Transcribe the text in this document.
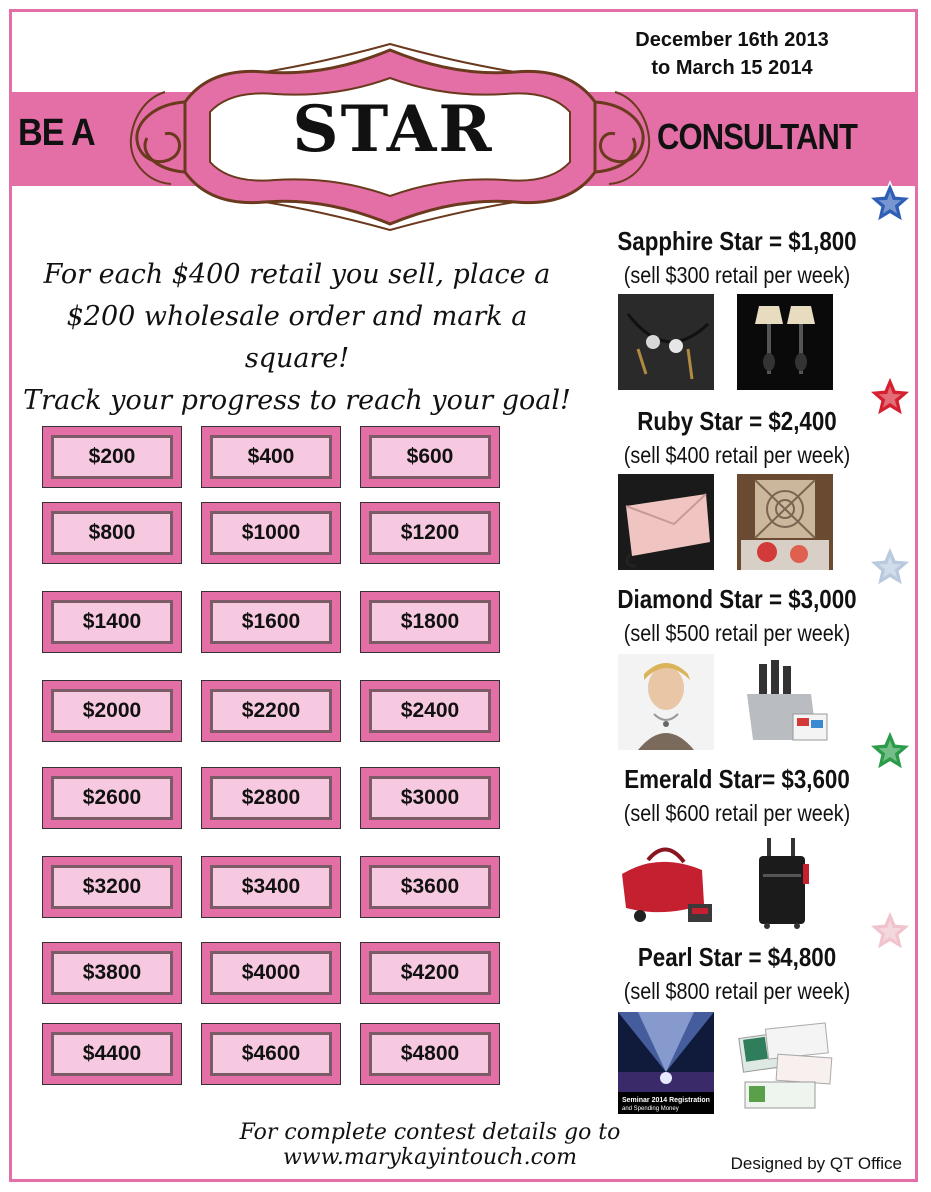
BE A	STAR	CONSULTANT
December 16th 2013
to March 15 2014
For each $400 retail you sell, place a
$200 wholesale order and mark a square!
Track your progress to reach your goal!
$200	$400	$600
$800	$1000	$1200
$1400	$1600	$1800
$2000	$2200	$2400
$2600	$2800	$3000
$3200	$3400	$3600
$3800	$4000	$4200
$4400	$4600	$4800
Sapphire Star = $1,800
(sell $300 retail per week)
Ruby Star = $2,400
(sell $400 retail per week)
Diamond Star = $3,000
(sell $500 retail per week)
Emerald Star= $3,600
(sell $600 retail per week)
Pearl Star = $4,800
(sell $800 retail per week)
Seminar 2014 Registration
and Spending Money
For complete contest details go to www.marykayintouch.com	Designed by QT Office
